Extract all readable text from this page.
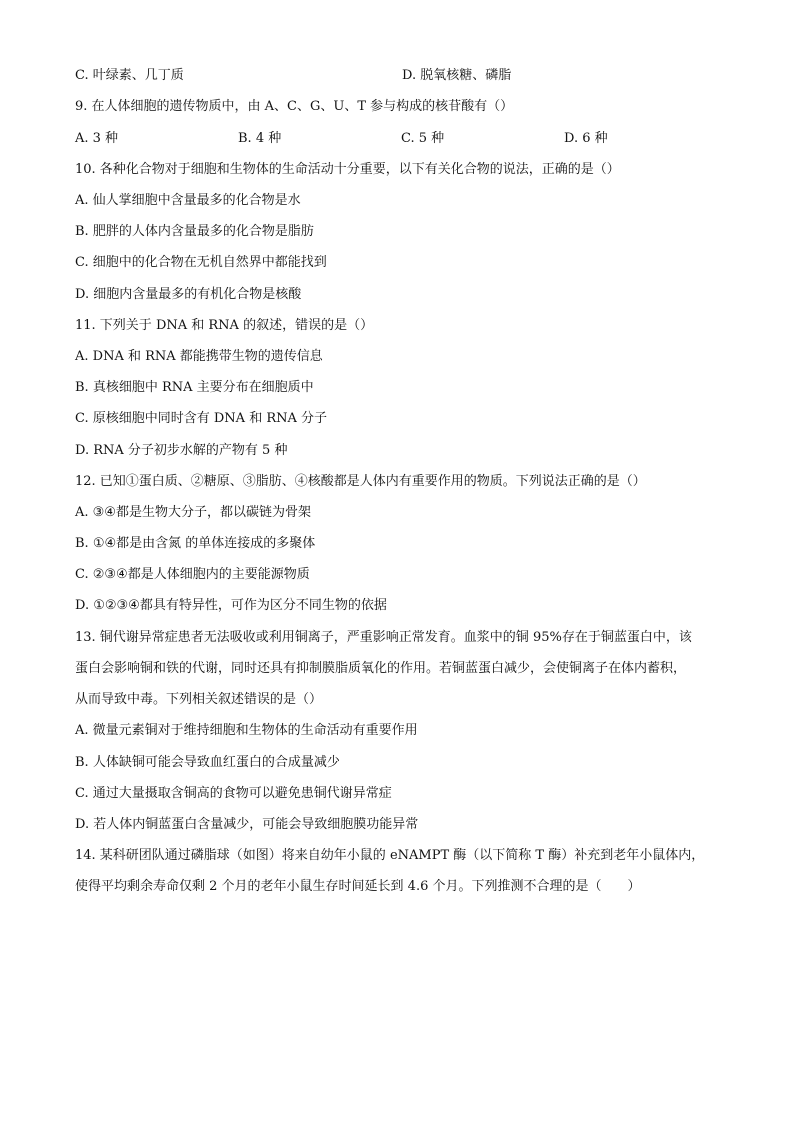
C. 叶绿素、几丁质	D. 脱氧核糖、磷脂
9. 在人体细胞的遗传物质中，由 A、C、G、U、T 参与构成的核苷酸有（）
A. 3 种	B. 4 种	C. 5 种	D. 6 种
10. 各种化合物对于细胞和生物体的生命活动十分重要，以下有关化合物的说法，正确的是（）
A. 仙人掌细胞中含量最多的化合物是水
B. 肥胖的人体内含量最多的化合物是脂肪
C. 细胞中的化合物在无机自然界中都能找到
D. 细胞内含量最多的有机化合物是核酸
11. 下列关于 DNA 和 RNA 的叙述，错误的是（）
A. DNA 和 RNA 都能携带生物的遗传信息
B. 真核细胞中 RNA 主要分布在细胞质中
C. 原核细胞中同时含有 DNA 和 RNA 分子
D. RNA 分子初步水解的产物有 5 种
12. 已知①蛋白质、②糖原、③脂肪、④核酸都是人体内有重要作用的物质。下列说法正确的是（）
A. ③④都是生物大分子，都以碳链为骨架
B. ①④都是由含氮 的单体连接成的多聚体
C. ②③④都是人体细胞内的主要能源物质
D. ①②③④都具有特异性，可作为区分不同生物的依据
13. 铜代谢异常症患者无法吸收或利用铜离子，严重影响正常发育。血浆中的铜 95%存在于铜蓝蛋白中，该
蛋白会影响铜和铁的代谢，同时还具有抑制膜脂质氧化的作用。若铜蓝蛋白减少，会使铜离子在体内蓄积，
从而导致中毒。下列相关叙述错误的是（）
A. 微量元素铜对于维持细胞和生物体的生命活动有重要作用
B. 人体缺铜可能会导致血红蛋白的合成量减少
C. 通过大量摄取含铜高的食物可以避免患铜代谢异常症
D. 若人体内铜蓝蛋白含量减少，可能会导致细胞膜功能异常
14. 某科研团队通过磷脂球（如图）将来自幼年小鼠的 eNAMPT 酶（以下简称 T 酶）补充到老年小鼠体内，
使得平均剩余寿命仅剩 2 个月的老年小鼠生存时间延长到 4.6 个月。下列推测不合理的是（　　）
